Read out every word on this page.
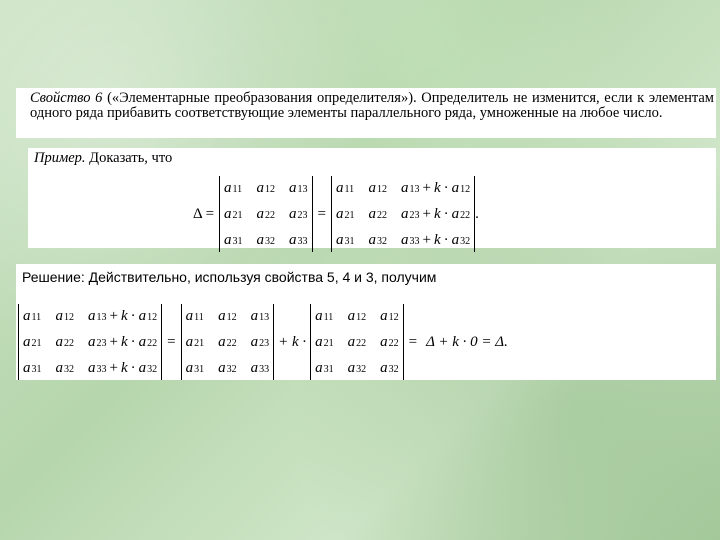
Свойство 6 («Элементарные преобразования определителя»). Определитель не изменится, если к элементам одного ряда прибавить соответствующие элементы параллельного ряда, умноженные на любое число.
Пример. Доказать, что
Δ =
a 11 a 12 a 13
a 21 a 22 a 23
a 31 a 32 a 33
=
a 11 a 12 a 13 + k · a 12
a 21 a 22 a 23 + k · a 22
a 31 a 32 a 33 + k · a 32
.
Решение: Действительно, используя свойства 5, 4 и 3, получим
a 11 a 12 a 13 + k · a 12
a 21 a 22 a 23 + k · a 22
a 31 a 32 a 33 + k · a 32
=
a 11 a 12 a 13
a 21 a 22 a 23
a 31 a 32 a 33
+ k ·
a 11 a 12 a 12
a 21 a 22 a 22
a 31 a 32 a 32
= Δ + k · 0 = Δ.
